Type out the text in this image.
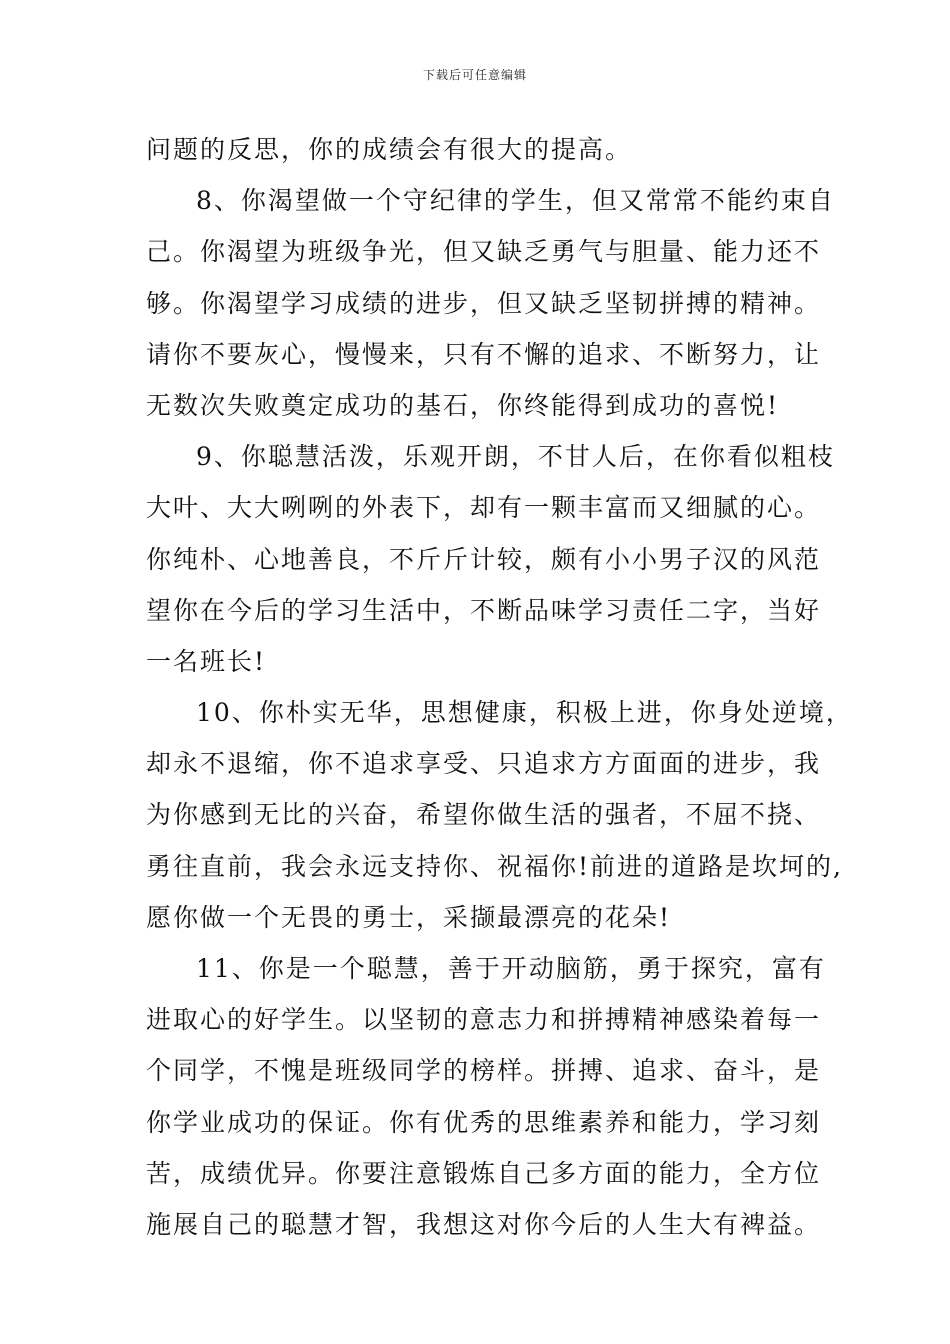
下载后可任意编辑
问题的反思，你的成绩会有很大的提高。
8、你渴望做一个守纪律的学生，但又常常不能约束自
己。你渴望为班级争光，但又缺乏勇气与胆量、能力还不
够。你渴望学习成绩的进步，但又缺乏坚韧拼搏的精神。
请你不要灰心，慢慢来，只有不懈的追求、不断努力，让
无数次失败奠定成功的基石，你终能得到成功的喜悦!
9、你聪慧活泼，乐观开朗，不甘人后，在你看似粗枝
大叶、大大咧咧的外表下，却有一颗丰富而又细腻的心。
你纯朴、心地善良，不斤斤计较，颇有小小男子汉的风范
望你在今后的学习生活中，不断品味学习责任二字，当好
一名班长!
10、你朴实无华，思想健康，积极上进，你身处逆境，
却永不退缩，你不追求享受、只追求方方面面的进步，我
为你感到无比的兴奋，希望你做生活的强者，不屈不挠、
勇往直前，我会永远支持你、祝福你!前进的道路是坎坷的,
愿你做一个无畏的勇士，采撷最漂亮的花朵!
11、你是一个聪慧，善于开动脑筋，勇于探究，富有
进取心的好学生。以坚韧的意志力和拼搏精神感染着每一
个同学，不愧是班级同学的榜样。拼搏、追求、奋斗，是
你学业成功的保证。你有优秀的思维素养和能力，学习刻
苦，成绩优异。你要注意锻炼自己多方面的能力，全方位
施展自己的聪慧才智，我想这对你今后的人生大有裨益。
